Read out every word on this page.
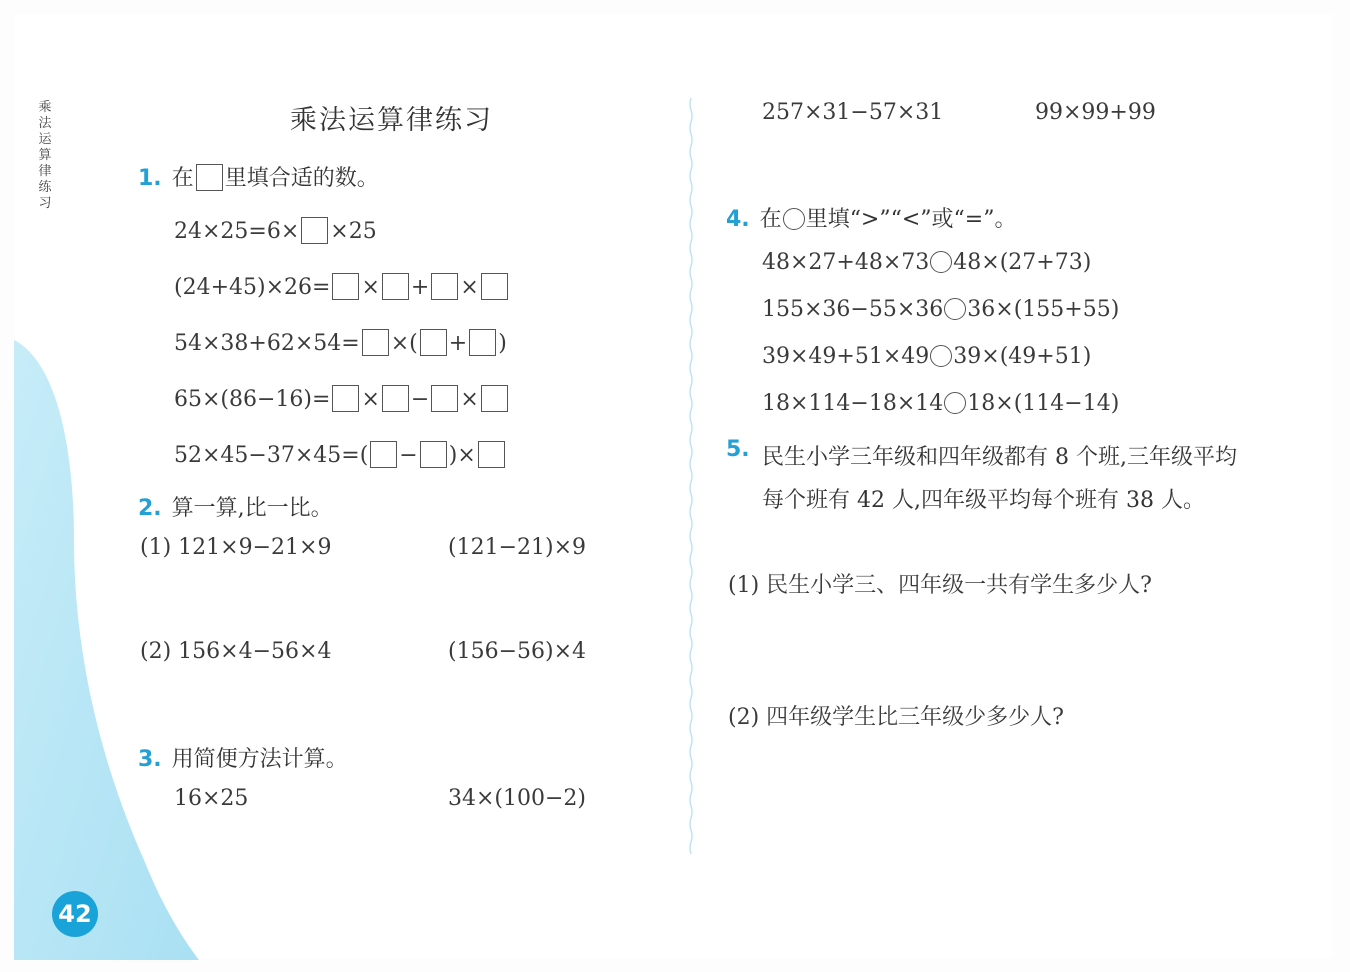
乘法运算律练习
42
乘法运算律练习
1. 在 里填合适的数。
24×25=6× ×25
(24+45)×26= × + ×
54×38+62×54= ×( + )
65×(86−16)= × − ×
52×45−37×45=( − )×
2. 算一算,比一比。
(1) 121×9−21×9	(121−21)×9
(2) 156×4−56×4	(156−56)×4
3. 用简便方法计算。
16×25	34×(100−2)
257×31−57×31	99×99+99
4. 在 里填“>”“<”或“=”。
48×27+48×73 48×(27+73)
155×36−55×36 36×(155+55)
39×49+51×49 39×(49+51)
18×114−18×14 18×(114−14)
5. 民生小学三年级和四年级都有 8 个班,三年级平均每个班有 42 人,四年级平均每个班有 38 人。
(1) 民生小学三、四年级一共有学生多少人?
(2) 四年级学生比三年级少多少人?
